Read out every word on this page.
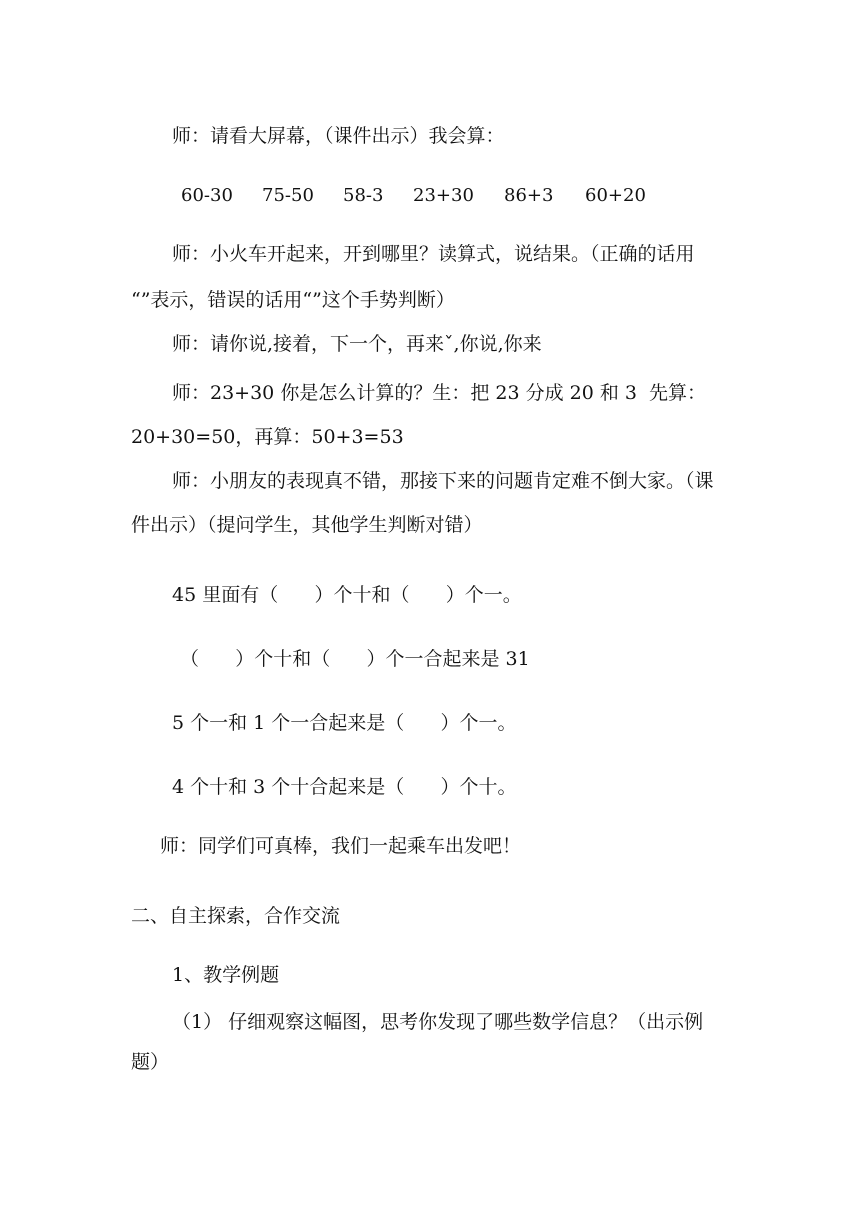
师：请看大屏幕，（课件出示）我会算：

60-30 75-50 58-3 23+30 86+3 60+20

师：小火车开起来，开到哪里？读算式，说结果。（正确的话用

“”表示，错误的话用“”这个手势判断）

师：请你说,接着，下一个，再来ˇ,你说,你来

师：23+30 你是怎么计算的？生：把 23 分成 20 和 3  先算：

20+30=50，再算：50+3=53

师：小朋友的表现真不错，那接下来的问题肯定难不倒大家。（课

件出示）（提问学生，其他学生判断对错）

45 里面有（      ）个十和（      ）个一。

（      ）个十和（      ）个一合起来是 31

5 个一和 1 个一合起来是（      ）个一。

4 个十和 3 个十合起来是（      ）个十。

师：同学们可真棒，我们一起乘车出发吧！

二、自主探索，合作交流

1、教学例题

（1） 仔细观察这幅图，思考你发现了哪些数学信息？（出示例

题）
